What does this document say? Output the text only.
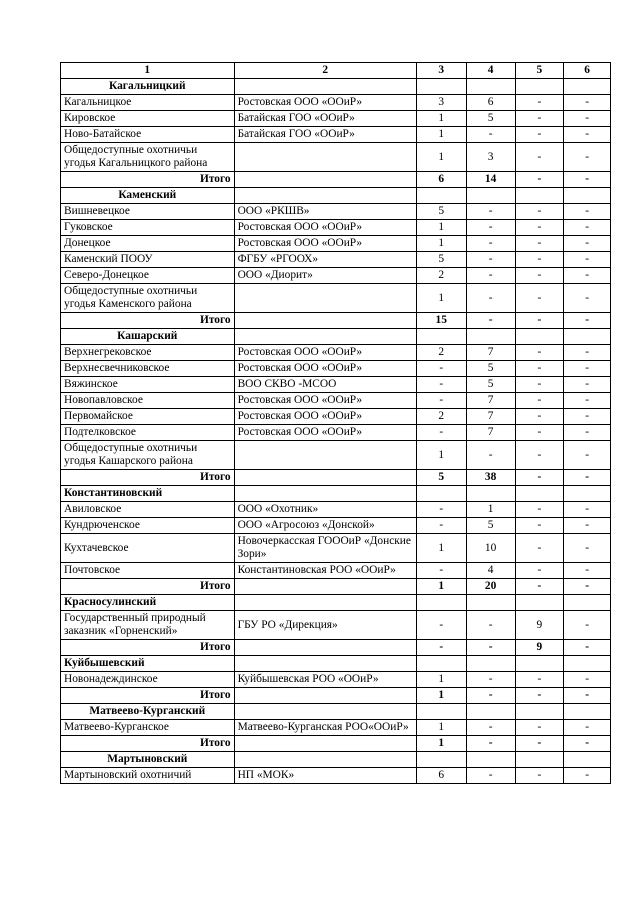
1	2	3	4	5	6
Кагальницкий					
Кагальницкое	Ростовская ООО «ООиР»	3	6	-	-
Кировское	Батайская ГОО «ООиР»	1	5	-	-
Ново-Батайское	Батайская ГОО «ООиР»	1	-	-	-
Общедоступные охотничьи угодья Кагальницкого района		1	3	-	-
Итого		6	14	-	-
Каменский					
Вишневецкое	ООО «РКШВ»	5	-	-	-
Гуковское	Ростовская ООО «ООиР»	1	-	-	-
Донецкое	Ростовская ООО «ООиР»	1	-	-	-
Каменский ПООУ	ФГБУ «РГООХ»	5	-	-	-
Северо-Донецкое	ООО «Диорит»	2	-	-	-
Общедоступные охотничьи угодья Каменского района		1	-	-	-
Итого		15	-	-	-
Кашарский					
Верхнегрековское	Ростовская ООО «ООиР»	2	7	-	-
Верхнесвечниковское	Ростовская ООО «ООиР»	-	5	-	-
Вяжинское	ВОО СКВО -МСОО	-	5	-	-
Новопавловское	Ростовская ООО «ООиР»	-	7	-	-
Первомайское	Ростовская ООО «ООиР»	2	7	-	-
Подтелковское	Ростовская ООО «ООиР»	-	7	-	-
Общедоступные охотничьи угодья Кашарского района		1	-	-	-
Итого		5	38	-	-
Константиновский					
Авиловское	ООО «Охотник»	-	1	-	-
Кундрюченское	ООО «Агросоюз «Донской»	-	5	-	-
Кухтачевское	Новочеркасская ГОООиР «Донские Зори»	1	10	-	-
Почтовское	Константиновская РОО «ООиР»	-	4	-	-
Итого		1	20	-	-
Красносулинский					
Государственный природный заказник «Горненский»	ГБУ РО «Дирекция»	-	-	9	-
Итого		-	-	9	-
Куйбышевский					
Новонадеждинское	Куйбышевская РОО «ООиР»	1	-	-	-
Итого		1	-	-	-
Матвеево-Курганский					
Матвеево-Курганское	Матвеево-Курганская РОО«ООиР»	1	-	-	-
Итого		1	-	-	-
Мартыновский					
Мартыновский охотничий	НП «МОК»	6	-	-	-
